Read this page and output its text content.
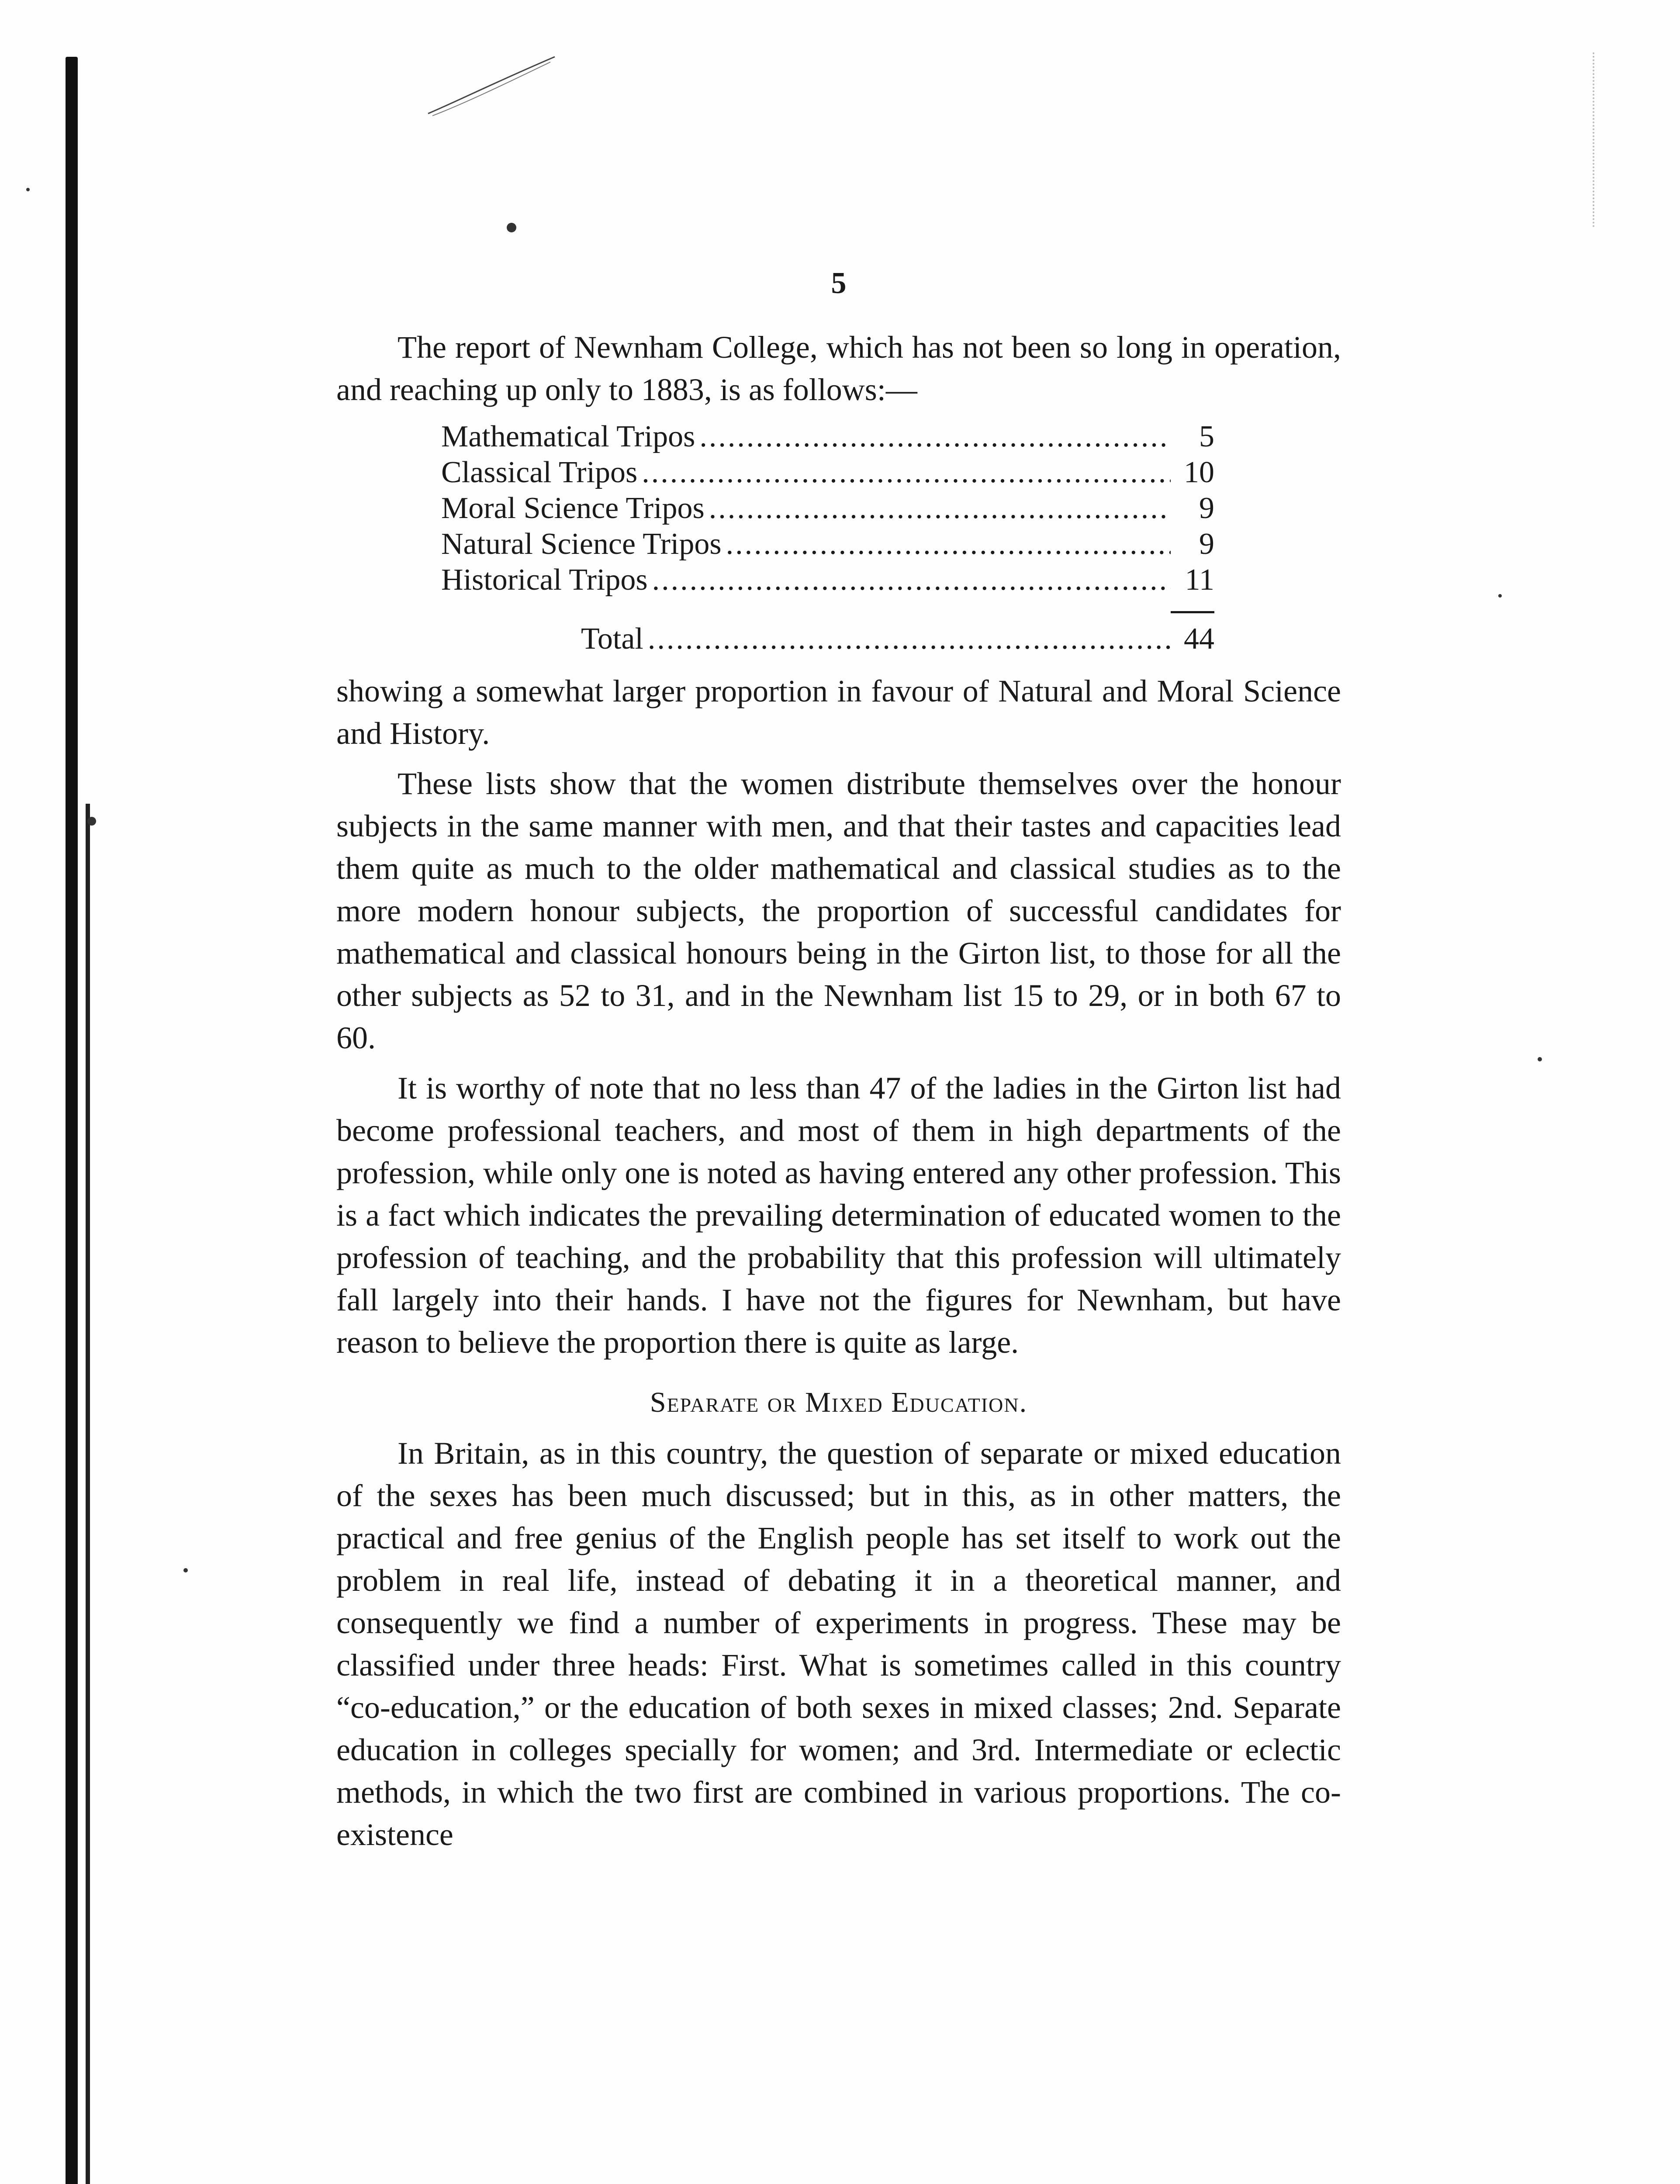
5

The report of Newnham College, which has not been so long in operation, and reaching up only to 1883, is as follows:—

Mathematical Tripos .....	5
Classical Tripos .....	10
Moral Science Tripos .....	9
Natural Science Tripos .....	9
Historical Tripos .....	11
Total .....	44

showing a somewhat larger proportion in favour of Natural and Moral Science and History.

These lists show that the women distribute themselves over the honour subjects in the same manner with men, and that their tastes and capacities lead them quite as much to the older mathematical and classical studies as to the more modern honour subjects, the proportion of successful candidates for mathematical and classical honours being in the Girton list, to those for all the other subjects as 52 to 31, and in the Newnham list 15 to 29, or in both 67 to 60.

It is worthy of note that no less than 47 of the ladies in the Girton list had become professional teachers, and most of them in high departments of the profession, while only one is noted as having entered any other profession. This is a fact which indicates the prevailing determination of educated women to the profession of teaching, and the probability that this profession will ultimately fall largely into their hands. I have not the figures for Newnham, but have reason to believe the proportion there is quite as large.

Separate or Mixed Education.

In Britain, as in this country, the question of separate or mixed education of the sexes has been much discussed; but in this, as in other matters, the practical and free genius of the English people has set itself to work out the problem in real life, instead of debating it in a theoretical manner, and consequently we find a number of experiments in progress. These may be classified under three heads: First. What is sometimes called in this country “co-education,” or the education of both sexes in mixed classes; 2nd. Separate education in colleges specially for women; and 3rd. Intermediate or eclectic methods, in which the two first are combined in various proportions. The co-existence
